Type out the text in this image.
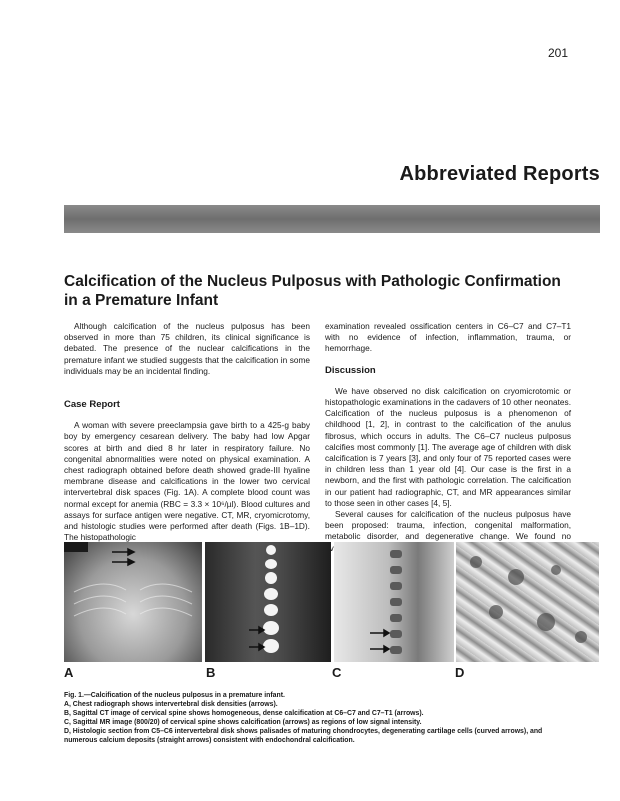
201
Abbreviated Reports
Calcification of the Nucleus Pulposus with Pathologic Confirmation in a Premature Infant

Although calcification of the nucleus pulposus has been observed in more than 75 children, its clinical significance is debated. The presence of the nuclear calcifications in the premature infant we studied suggests that the calcification in some individuals may be an incidental finding.

Case Report

A woman with severe preeclampsia gave birth to a 425-g baby boy by emergency cesarean delivery. The baby had low Apgar scores at birth and died 8 hr later in respiratory failure. No congenital abnormalities were noted on physical examination. A chest radiograph obtained before death showed grade-III hyaline membrane disease and calcifications in the lower two cervical intervertebral disk spaces (Fig. 1A). A complete blood count was normal except for anemia (RBC = 3.3 × 10⁶/µl). Blood cultures and assays for surface antigen were negative. CT, MR, cryomicrotomy, and histologic studies were performed after death (Figs. 1B–1D). The histopathologic

examination revealed ossification centers in C6–C7 and C7–T1 with no evidence of infection, inflammation, trauma, or hemorrhage.

Discussion

We have observed no disk calcification on cryomicrotomic or histopathologic examinations in the cadavers of 10 other neonates. Calcification of the nucleus pulposus is a phenomenon of childhood [1, 2], in contrast to the calcification of the anulus fibrosus, which occurs in adults. The C6–C7 nucleus pulposus calcifies most commonly [1]. The average age of children with disk calcification is 7 years [3], and only four of 75 reported cases were in children less than 1 year old [4]. Our case is the first in a newborn, and the first with pathologic correlation. The calcification in our patient had radiographic, CT, and MR appearances similar to those seen in other cases [4, 5].

Several causes for calcification of the nucleus pulposus have been proposed: trauma, infection, congenital malformation, metabolic disorder, and degenerative change. We found no

A	B	C	D
Fig. 1.—Calcification of the nucleus pulposus in a premature infant.
A, Chest radiograph shows intervertebral disk densities (arrows).
B, Sagittal CT image of cervical spine shows homogeneous, dense calcification at C6–C7 and C7–T1 (arrows).
C, Sagittal MR image (800/20) of cervical spine shows calcification (arrows) as regions of low signal intensity.
D, Histologic section from C5–C6 intervertebral disk shows palisades of maturing chondrocytes, degenerating cartilage cells (curved arrows), and numerous calcium deposits (straight arrows) consistent with endochondral calcification.
